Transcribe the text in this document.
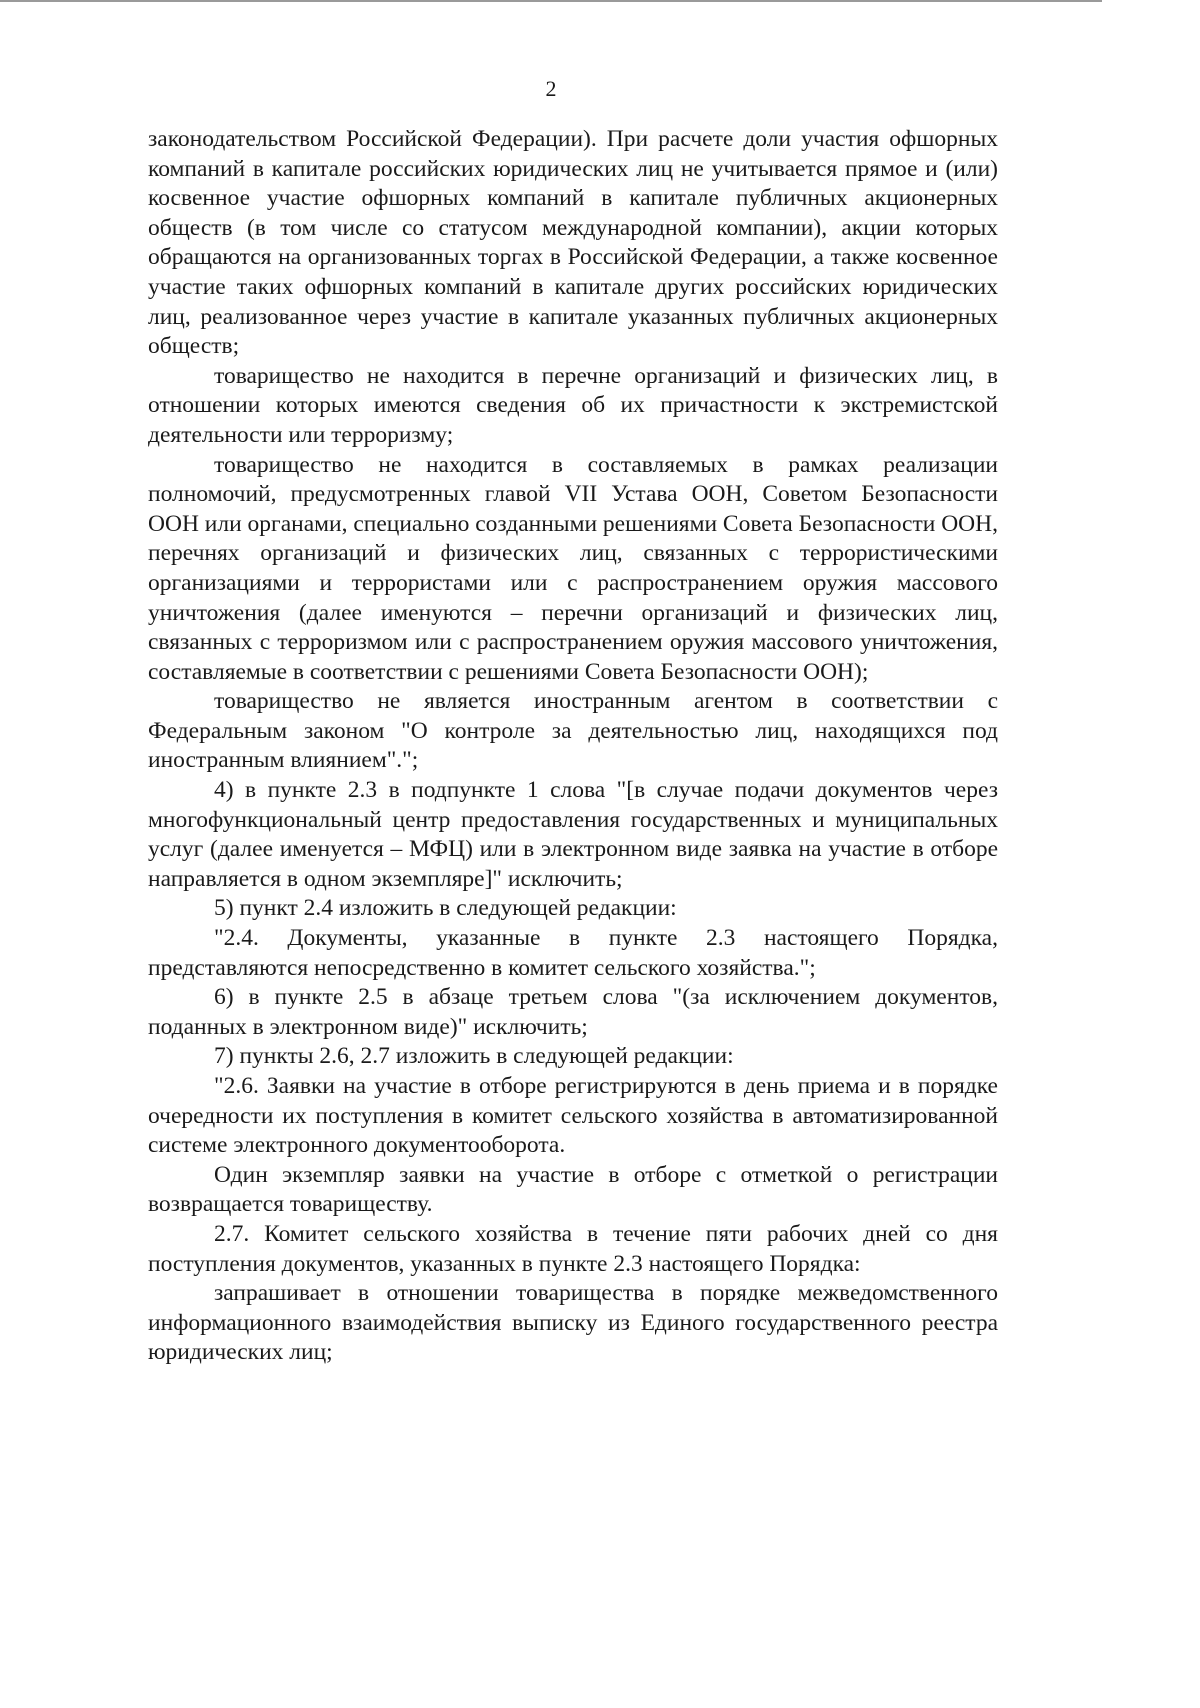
2

законодательством Российской Федерации). При расчете доли участия офшорных компаний в капитале российских юридических лиц не учитывается прямое и (или) косвенное участие офшорных компаний в капитале публичных акционерных обществ (в том числе со статусом международной компании), акции которых обращаются на организованных торгах в Российской Федерации, а также косвенное участие таких офшорных компаний в капитале других российских юридических лиц, реализованное через участие в капитале указанных публичных акционерных обществ;

товарищество не находится в перечне организаций и физических лиц, в отношении которых имеются сведения об их причастности к экстремистской деятельности или терроризму;

товарищество не находится в составляемых в рамках реализации полномочий, предусмотренных главой VII Устава ООН, Советом Безопасности ООН или органами, специально созданными решениями Совета Безопасности ООН, перечнях организаций и физических лиц, связанных с террористическими организациями и террористами или с распространением оружия массового уничтожения (далее именуются – перечни организаций и физических лиц, связанных с терроризмом или с распространением оружия массового уничтожения, составляемые в соответствии с решениями Совета Безопасности ООН);

товарищество не является иностранным агентом в соответствии с Федеральным законом "О контроле за деятельностью лиц, находящихся под иностранным влиянием".";

4) в пункте 2.3 в подпункте 1 слова "[в случае подачи документов через многофункциональный центр предоставления государственных и муниципальных услуг (далее именуется – МФЦ) или в электронном виде заявка на участие в отборе направляется в одном экземпляре]" исключить;

5) пункт 2.4 изложить в следующей редакции:

"2.4. Документы, указанные в пункте 2.3 настоящего Порядка, представляются непосредственно в комитет сельского хозяйства.";

6) в пункте 2.5 в абзаце третьем слова "(за исключением документов, поданных в электронном виде)" исключить;

7) пункты 2.6, 2.7 изложить в следующей редакции:

"2.6. Заявки на участие в отборе регистрируются в день приема и в порядке очередности их поступления в комитет сельского хозяйства в автоматизированной системе электронного документооборота.

Один экземпляр заявки на участие в отборе с отметкой о регистрации возвращается товариществу.

2.7. Комитет сельского хозяйства в течение пяти рабочих дней со дня поступления документов, указанных в пункте 2.3 настоящего Порядка:

запрашивает в отношении товарищества в порядке межведомственного информационного взаимодействия выписку из Единого государственного реестра юридических лиц;
